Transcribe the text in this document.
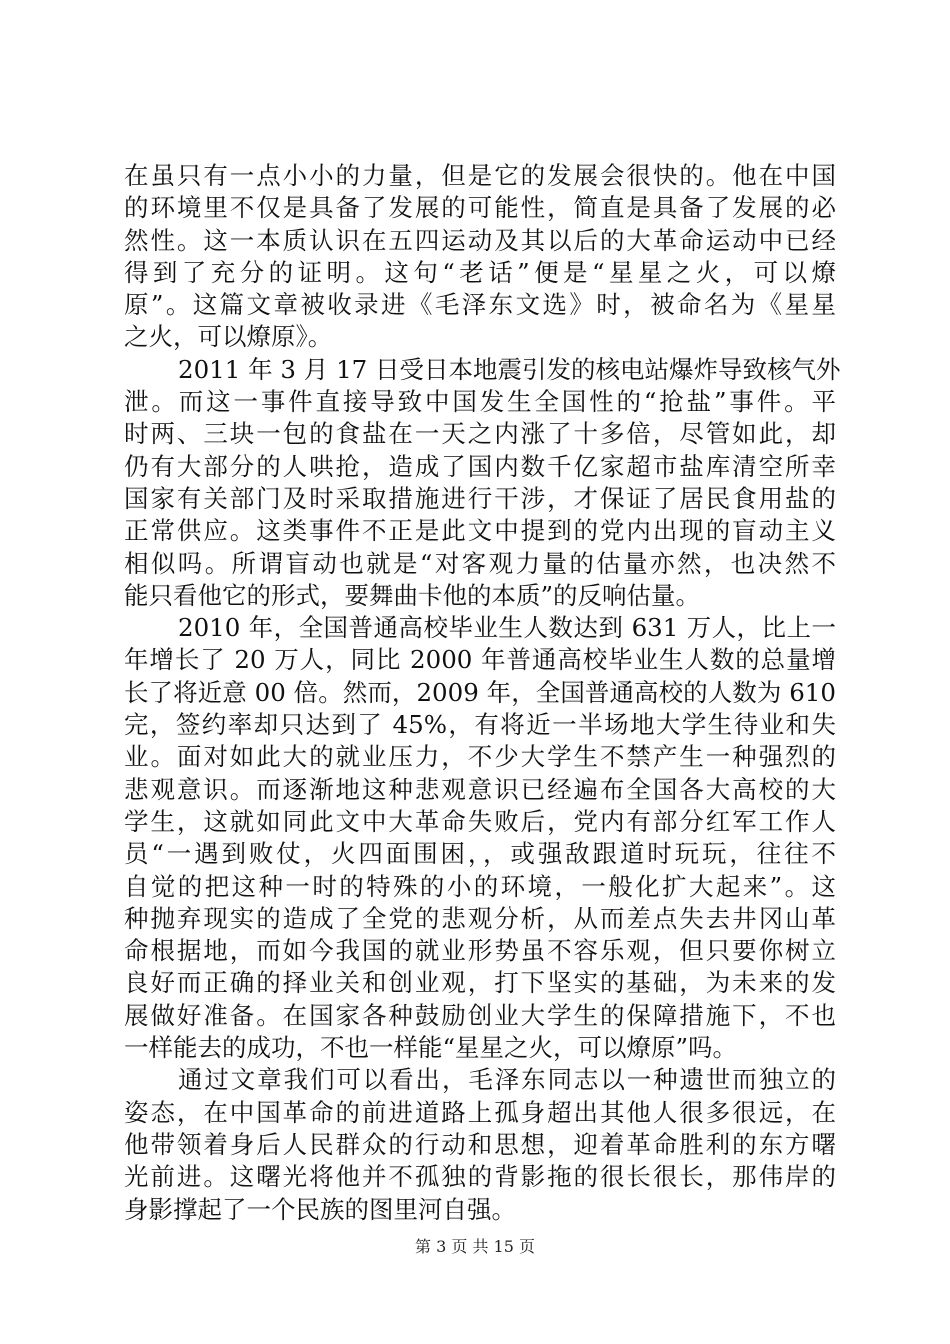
在虽只有一点小小的力量，但是它的发展会很快的。他在中国
的环境里不仅是具备了发展的可能性，简直是具备了发展的必
然性。这一本质认识在五四运动及其以后的大革命运动中已经
得到了充分的证明。这句“老话”便是“星星之火，可以燎
原”。这篇文章被收录进《毛泽东文选》时，被命名为《星星
之火，可以燎原》。
2011 年 3 月 17 日受日本地震引发的核电站爆炸导致核气外
泄。而这一事件直接导致中国发生全国性的“抢盐”事件。平
时两、三块一包的食盐在一天之内涨了十多倍，尽管如此，却
仍有大部分的人哄抢，造成了国内数千亿家超市盐库清空所幸
国家有关部门及时采取措施进行干涉，才保证了居民食用盐的
正常供应。这类事件不正是此文中提到的党内出现的盲动主义
相似吗。所谓盲动也就是“对客观力量的估量亦然，也决然不
能只看他它的形式，要舞曲卡他的本质”的反响估量。
2010 年，全国普通高校毕业生人数达到 631 万人，比上一
年增长了 20 万人，同比 2000 年普通高校毕业生人数的总量增
长了将近意 00 倍。然而，2009 年，全国普通高校的人数为 610
完，签约率却只达到了 45%，有将近一半场地大学生待业和失
业。面对如此大的就业压力，不少大学生不禁产生一种强烈的
悲观意识。而逐渐地这种悲观意识已经遍布全国各大高校的大
学生，这就如同此文中大革命失败后，党内有部分红军工作人
员“一遇到败仗，火四面围困，，或强敌跟道时玩玩，往往不
自觉的把这种一时的特殊的小的环境，一般化扩大起来”。这
种抛弃现实的造成了全党的悲观分析，从而差点失去井冈山革
命根据地，而如今我国的就业形势虽不容乐观，但只要你树立
良好而正确的择业关和创业观，打下坚实的基础，为未来的发
展做好准备。在国家各种鼓励创业大学生的保障措施下，不也
一样能去的成功，不也一样能“星星之火，可以燎原”吗。
通过文章我们可以看出，毛泽东同志以一种遗世而独立的
姿态，在中国革命的前进道路上孤身超出其他人很多很远，在
他带领着身后人民群众的行动和思想，迎着革命胜利的东方曙
光前进。这曙光将他并不孤独的背影拖的很长很长，那伟岸的
身影撑起了一个民族的图里河自强。
第 3 页 共 15 页
